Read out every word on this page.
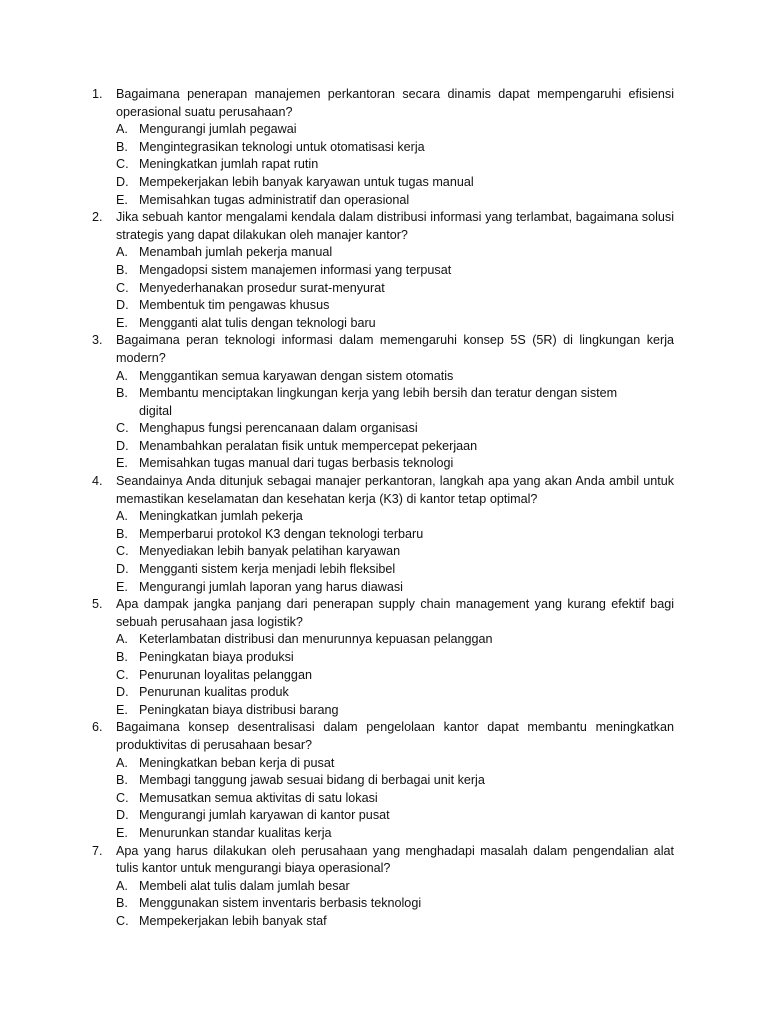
1.	Bagaimana penerapan manajemen perkantoran secara dinamis dapat mempengaruhi efisiensi operasional suatu perusahaan?
A. Mengurangi jumlah pegawai
B. Mengintegrasikan teknologi untuk otomatisasi kerja
C. Meningkatkan jumlah rapat rutin
D. Mempekerjakan lebih banyak karyawan untuk tugas manual
E. Memisahkan tugas administratif dan operasional
2.	Jika sebuah kantor mengalami kendala dalam distribusi informasi yang terlambat, bagaimana solusi strategis yang dapat dilakukan oleh manajer kantor?
A. Menambah jumlah pekerja manual
B. Mengadopsi sistem manajemen informasi yang terpusat
C. Menyederhanakan prosedur surat-menyurat
D. Membentuk tim pengawas khusus
E. Mengganti alat tulis dengan teknologi baru
3.	Bagaimana peran teknologi informasi dalam memengaruhi konsep 5S (5R) di lingkungan kerja modern?
A. Menggantikan semua karyawan dengan sistem otomatis
B. Membantu menciptakan lingkungan kerja yang lebih bersih dan teratur dengan sistem digital
C. Menghapus fungsi perencanaan dalam organisasi
D. Menambahkan peralatan fisik untuk mempercepat pekerjaan
E. Memisahkan tugas manual dari tugas berbasis teknologi
4.	Seandainya Anda ditunjuk sebagai manajer perkantoran, langkah apa yang akan Anda ambil untuk memastikan keselamatan dan kesehatan kerja (K3) di kantor tetap optimal?
A. Meningkatkan jumlah pekerja
B. Memperbarui protokol K3 dengan teknologi terbaru
C. Menyediakan lebih banyak pelatihan karyawan
D. Mengganti sistem kerja menjadi lebih fleksibel
E. Mengurangi jumlah laporan yang harus diawasi
5.	Apa dampak jangka panjang dari penerapan supply chain management yang kurang efektif bagi sebuah perusahaan jasa logistik?
A. Keterlambatan distribusi dan menurunnya kepuasan pelanggan
B. Peningkatan biaya produksi
C. Penurunan loyalitas pelanggan
D. Penurunan kualitas produk
E. Peningkatan biaya distribusi barang
6.	Bagaimana konsep desentralisasi dalam pengelolaan kantor dapat membantu meningkatkan produktivitas di perusahaan besar?
A. Meningkatkan beban kerja di pusat
B. Membagi tanggung jawab sesuai bidang di berbagai unit kerja
C. Memusatkan semua aktivitas di satu lokasi
D. Mengurangi jumlah karyawan di kantor pusat
E. Menurunkan standar kualitas kerja
7.	Apa yang harus dilakukan oleh perusahaan yang menghadapi masalah dalam pengendalian alat tulis kantor untuk mengurangi biaya operasional?
A. Membeli alat tulis dalam jumlah besar
B. Menggunakan sistem inventaris berbasis teknologi
C. Mempekerjakan lebih banyak staf
